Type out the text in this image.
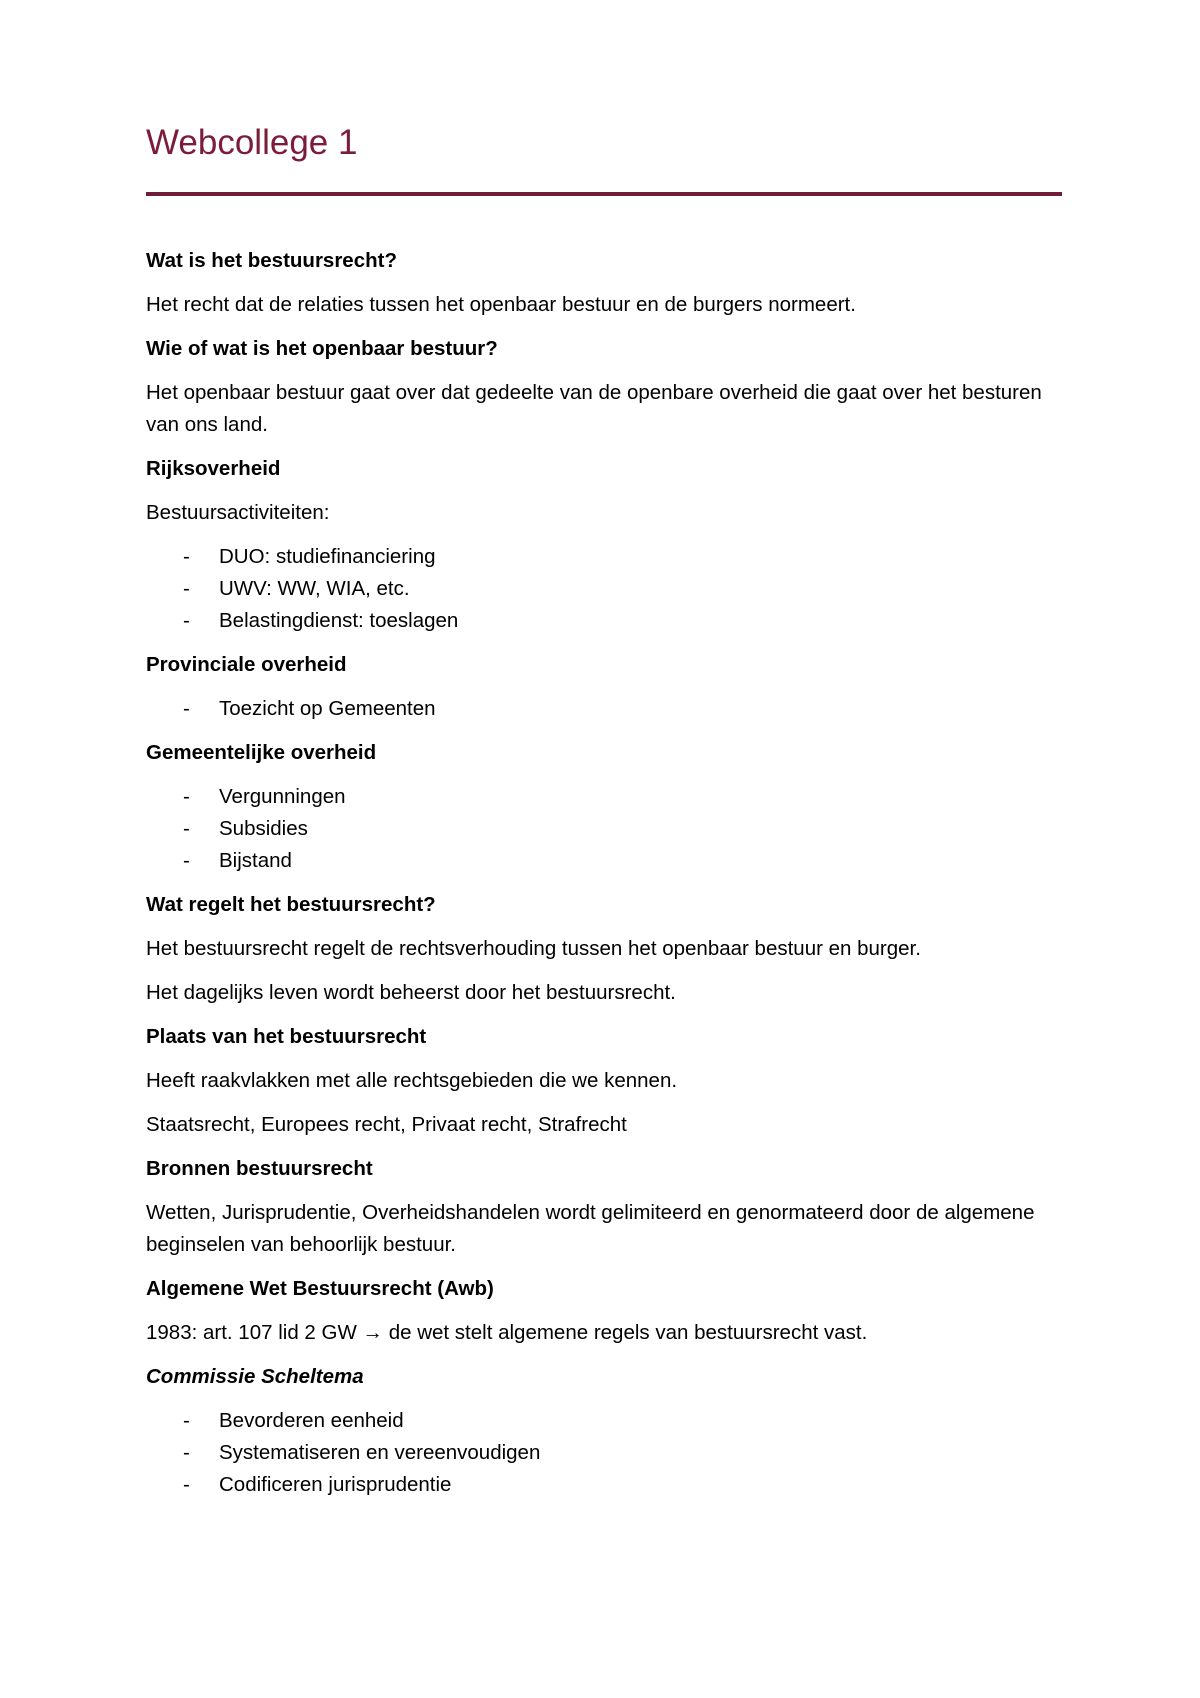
Webcollege 1

Wat is het bestuursrecht?

Het recht dat de relaties tussen het openbaar bestuur en de burgers normeert.

Wie of wat is het openbaar bestuur?

Het openbaar bestuur gaat over dat gedeelte van de openbare overheid die gaat over het besturen van ons land.

Rijksoverheid

Bestuursactiviteiten:

- DUO: studiefinanciering
- UWV: WW, WIA, etc.
- Belastingdienst: toeslagen

Provinciale overheid

- Toezicht op Gemeenten

Gemeentelijke overheid

- Vergunningen
- Subsidies
- Bijstand

Wat regelt het bestuursrecht?

Het bestuursrecht regelt de rechtsverhouding tussen het openbaar bestuur en burger.

Het dagelijks leven wordt beheerst door het bestuursrecht.

Plaats van het bestuursrecht

Heeft raakvlakken met alle rechtsgebieden die we kennen.

Staatsrecht, Europees recht, Privaat recht, Strafrecht

Bronnen bestuursrecht

Wetten, Jurisprudentie, Overheidshandelen wordt gelimiteerd en genormateerd door de algemene beginselen van behoorlijk bestuur.

Algemene Wet Bestuursrecht (Awb)

1983: art. 107 lid 2 GW → de wet stelt algemene regels van bestuursrecht vast.

Commissie Scheltema

- Bevorderen eenheid
- Systematiseren en vereenvoudigen
- Codificeren jurisprudentie
